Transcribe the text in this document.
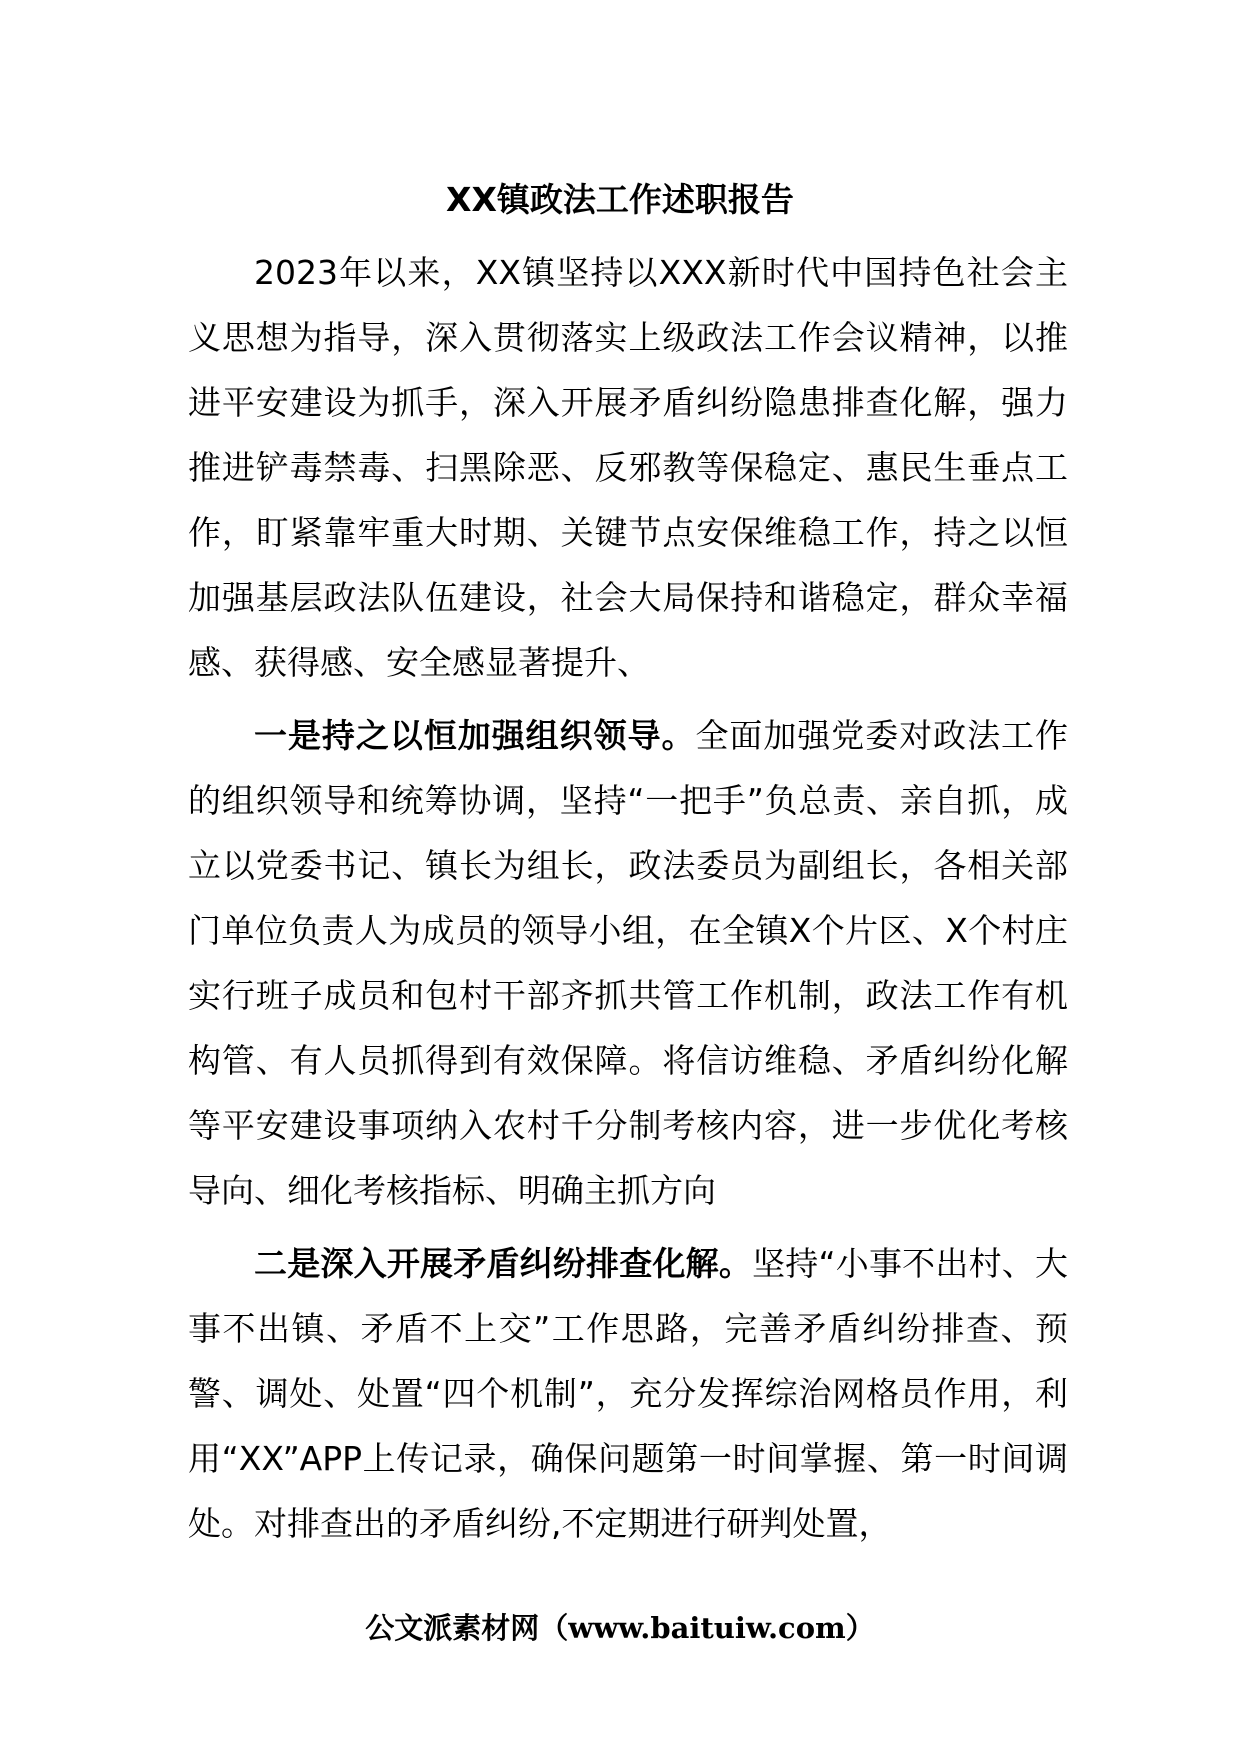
XX镇政法工作述职报告

2023年以来，XX镇坚持以XXX新时代中国持色社会主义思想为指导，深入贯彻落实上级政法工作会议精神，以推进平安建设为抓手，深入开展矛盾纠纷隐患排查化解，强力推进铲毒禁毒、扫黑除恶、反邪教等保稳定、惠民生垂点工作，盯紧靠牢重大时期、关键节点安保维稳工作，持之以恒加强基层政法队伍建设，社会大局保持和谐稳定，群众幸福感、获得感、安全感显著提升、

一是持之以恒加强组织领导。全面加强党委对政法工作的组织领导和统筹协调，坚持“一把手”负总责、亲自抓，成立以党委书记、镇长为组长，政法委员为副组长，各相关部门单位负责人为成员的领导小组，在全镇X个片区、X个村庄实行班子成员和包村干部齐抓共管工作机制，政法工作有机构管、有人员抓得到有效保障。将信访维稳、矛盾纠纷化解等平安建设事项纳入农村千分制考核内容，进一步优化考核导向、细化考核指标、明确主抓方向

二是深入开展矛盾纠纷排查化解。坚持“小事不出村、大事不出镇、矛盾不上交”工作思路，完善矛盾纠纷排查、预警、调处、处置“四个机制”，充分发挥综治网格员作用，利用“XX”APP上传记录，确保问题第一时间掌握、第一时间调处。对排查出的矛盾纠纷,不定期进行研判处置，

公文派素材网（www.baituiw.com）
